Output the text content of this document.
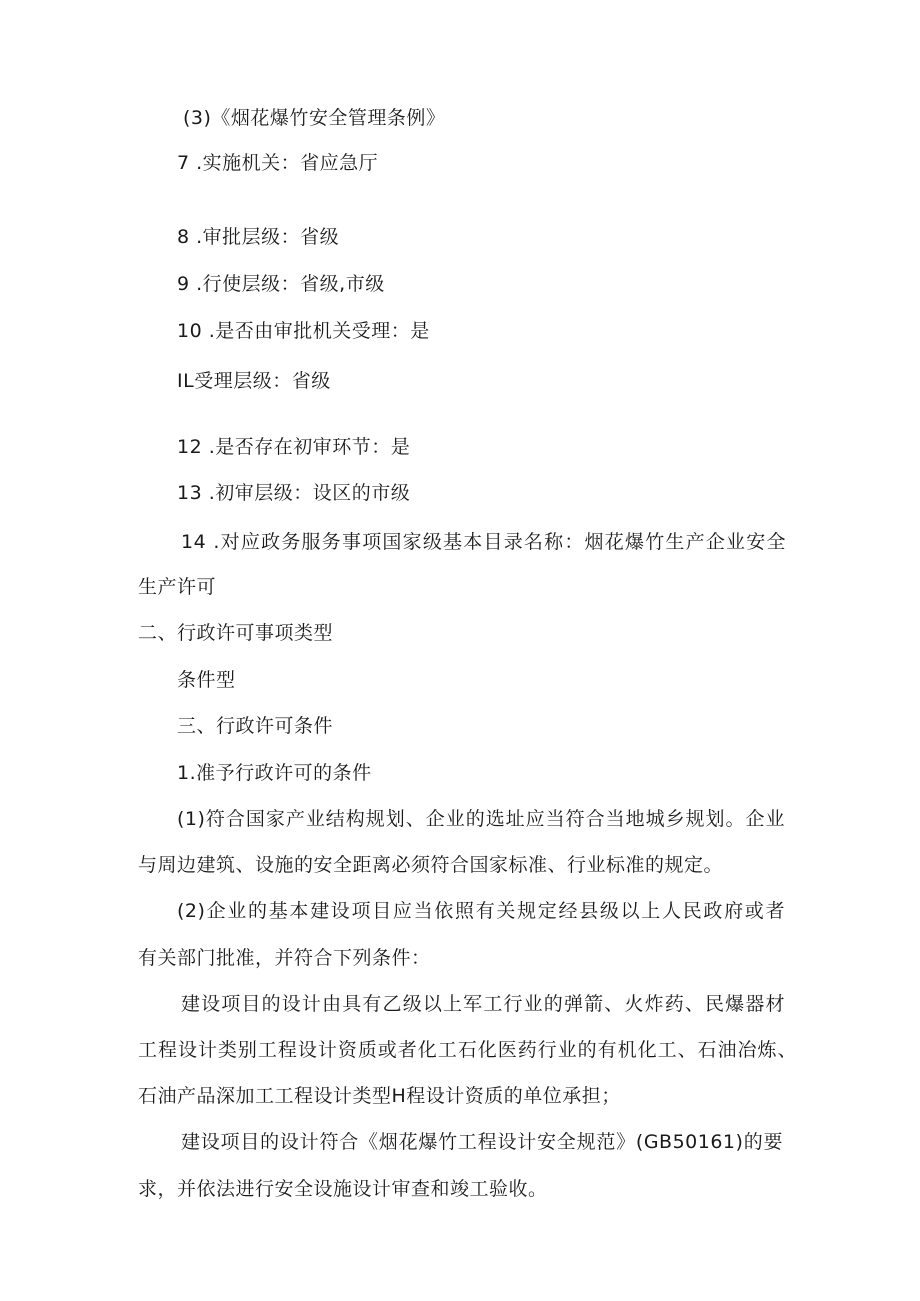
(3)《烟花爆竹安全管理条例》
7 .实施机关：省应急厅
8 .审批层级：省级
9 .行使层级：省级,市级
10 .是否由审批机关受理：是
IL受理层级：省级
12 .是否存在初审环节：是
13 .初审层级：设区的市级
14 .对应政务服务事项国家级基本目录名称：烟花爆竹生产企业安全
生产许可
二、行政许可事项类型
条件型
三、行政许可条件
1.准予行政许可的条件
(1)符合国家产业结构规划、企业的选址应当符合当地城乡规划。企业
与周边建筑、设施的安全距离必须符合国家标准、行业标准的规定。
(2)企业的基本建设项目应当依照有关规定经县级以上人民政府或者
有关部门批准，并符合下列条件：
建设项目的设计由具有乙级以上军工行业的弹箭、火炸药、民爆器材
工程设计类别工程设计资质或者化工石化医药行业的有机化工、石油冶炼、
石油产品深加工工程设计类型H程设计资质的单位承担；
建设项目的设计符合《烟花爆竹工程设计安全规范》(GB50161)的要
求，并依法进行安全设施设计审查和竣工验收。
